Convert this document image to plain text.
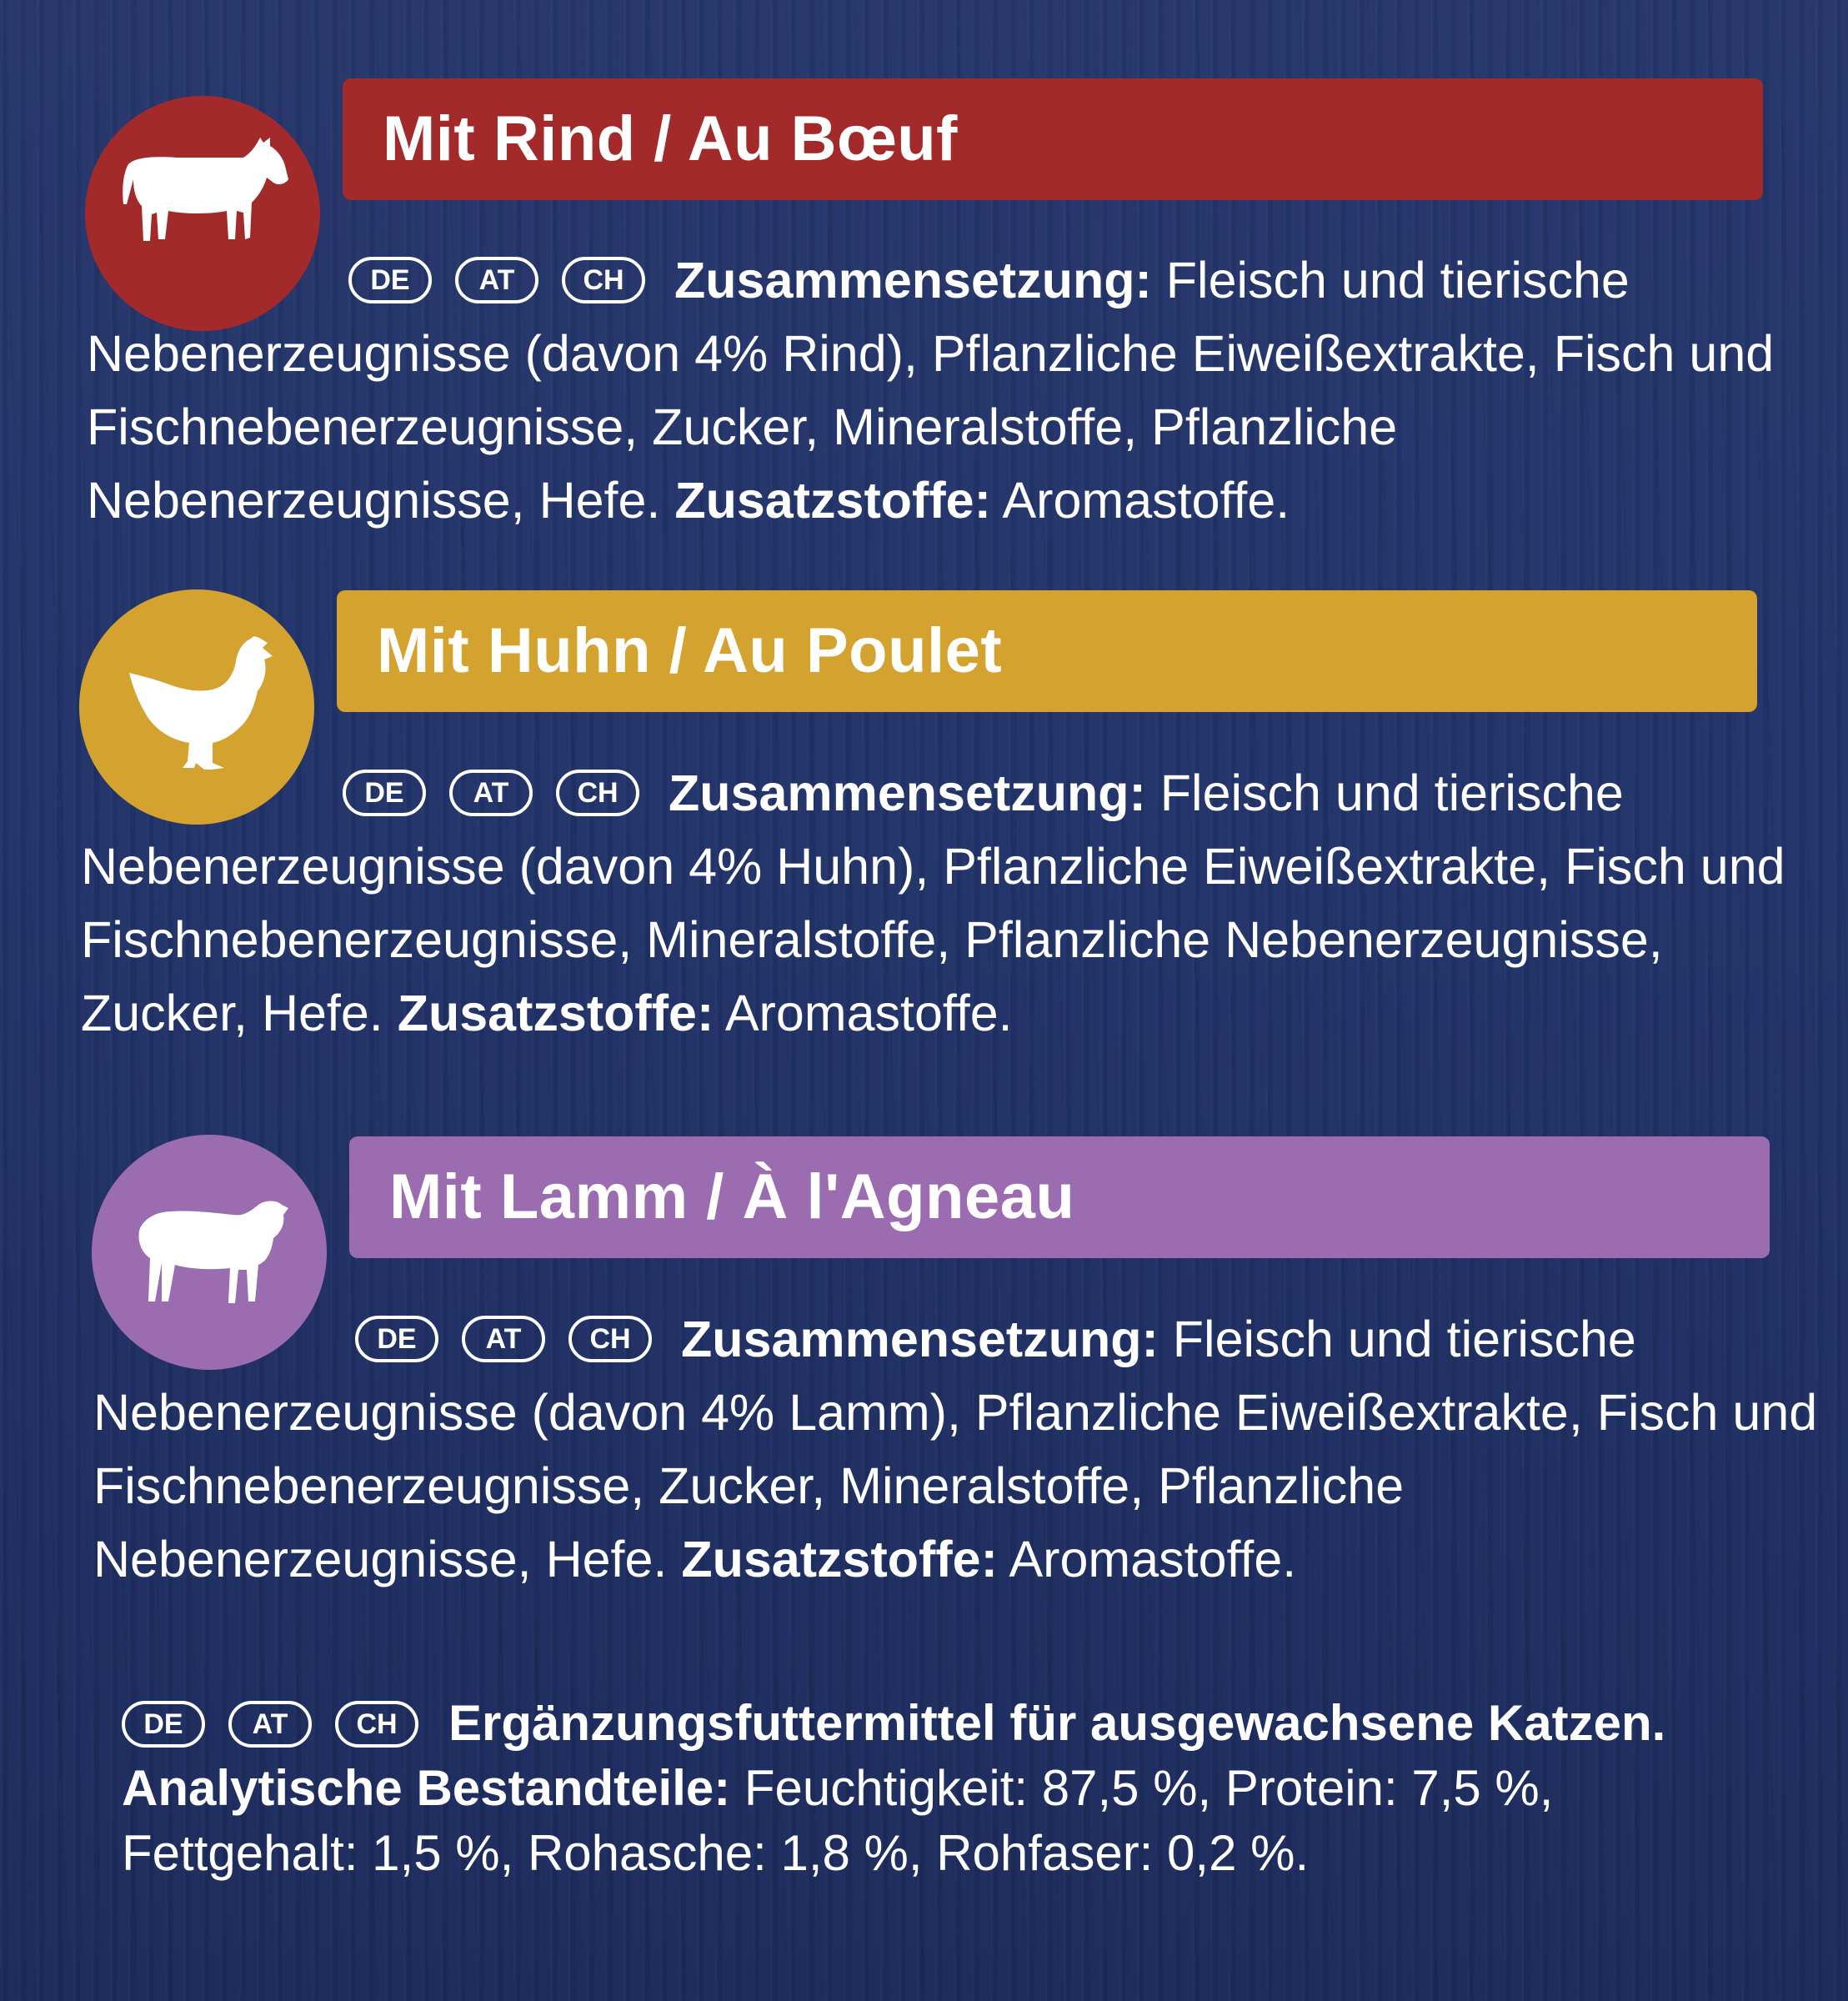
Mit Rind / Au Bœuf
DE	AT	CH Zusammensetzung: Fleisch und tierische
Nebenerzeugnisse (davon 4% Rind), Pflanzliche Eiweißextrakte, Fisch und Fischnebenerzeugnisse, Zucker, Mineralstoffe, Pflanzliche Nebenerzeugnisse, Hefe. Zusatzstoffe: Aromastoffe.
Mit Huhn / Au Poulet
DE	AT	CH Zusammensetzung: Fleisch und tierische
Nebenerzeugnisse (davon 4% Huhn), Pflanzliche Eiweißextrakte, Fisch und Fischnebenerzeugnisse, Mineralstoffe, Pflanzliche Nebenerzeugnisse, Zucker, Hefe. Zusatzstoffe: Aromastoffe.
Mit Lamm / À l'Agneau
DE	AT	CH Zusammensetzung: Fleisch und tierische
Nebenerzeugnisse (davon 4% Lamm), Pflanzliche Eiweißextrakte, Fisch und Fischnebenerzeugnisse, Zucker, Mineralstoffe, Pflanzliche Nebenerzeugnisse, Hefe. Zusatzstoffe: Aromastoffe.
DE	AT	CH	Ergänzungsfuttermittel für ausgewachsene Katzen.
Analytische Bestandteile: Feuchtigkeit: 87,5 %, Protein: 7,5 %, Fettgehalt: 1,5 %, Rohasche: 1,8 %, Rohfaser: 0,2 %.
